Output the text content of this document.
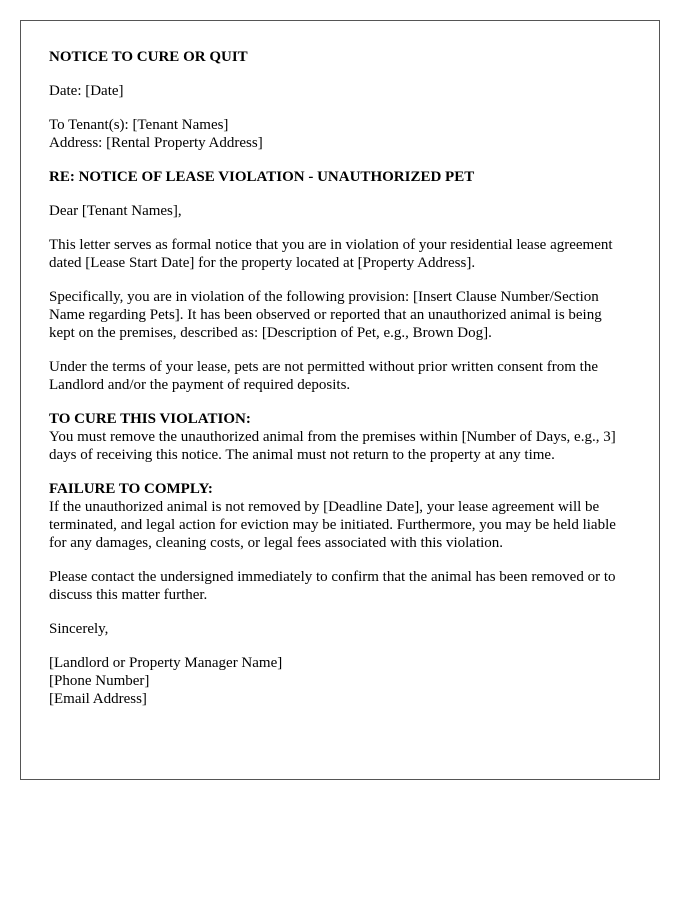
NOTICE TO CURE OR QUIT

Date: [Date]

To Tenant(s): [Tenant Names]
Address: [Rental Property Address]

RE: NOTICE OF LEASE VIOLATION - UNAUTHORIZED PET

Dear [Tenant Names],

This letter serves as formal notice that you are in violation of your residential lease agreement dated [Lease Start Date] for the property located at [Property Address].

Specifically, you are in violation of the following provision: [Insert Clause Number/Section Name regarding Pets]. It has been observed or reported that an unauthorized animal is being kept on the premises, described as: [Description of Pet, e.g., Brown Dog].

Under the terms of your lease, pets are not permitted without prior written consent from the Landlord and/or the payment of required deposits.

TO CURE THIS VIOLATION:
You must remove the unauthorized animal from the premises within [Number of Days, e.g., 3] days of receiving this notice. The animal must not return to the property at any time.

FAILURE TO COMPLY:
If the unauthorized animal is not removed by [Deadline Date], your lease agreement will be terminated, and legal action for eviction may be initiated. Furthermore, you may be held liable for any damages, cleaning costs, or legal fees associated with this violation.

Please contact the undersigned immediately to confirm that the animal has been removed or to discuss this matter further.

Sincerely,

[Landlord or Property Manager Name]
[Phone Number]
[Email Address]
